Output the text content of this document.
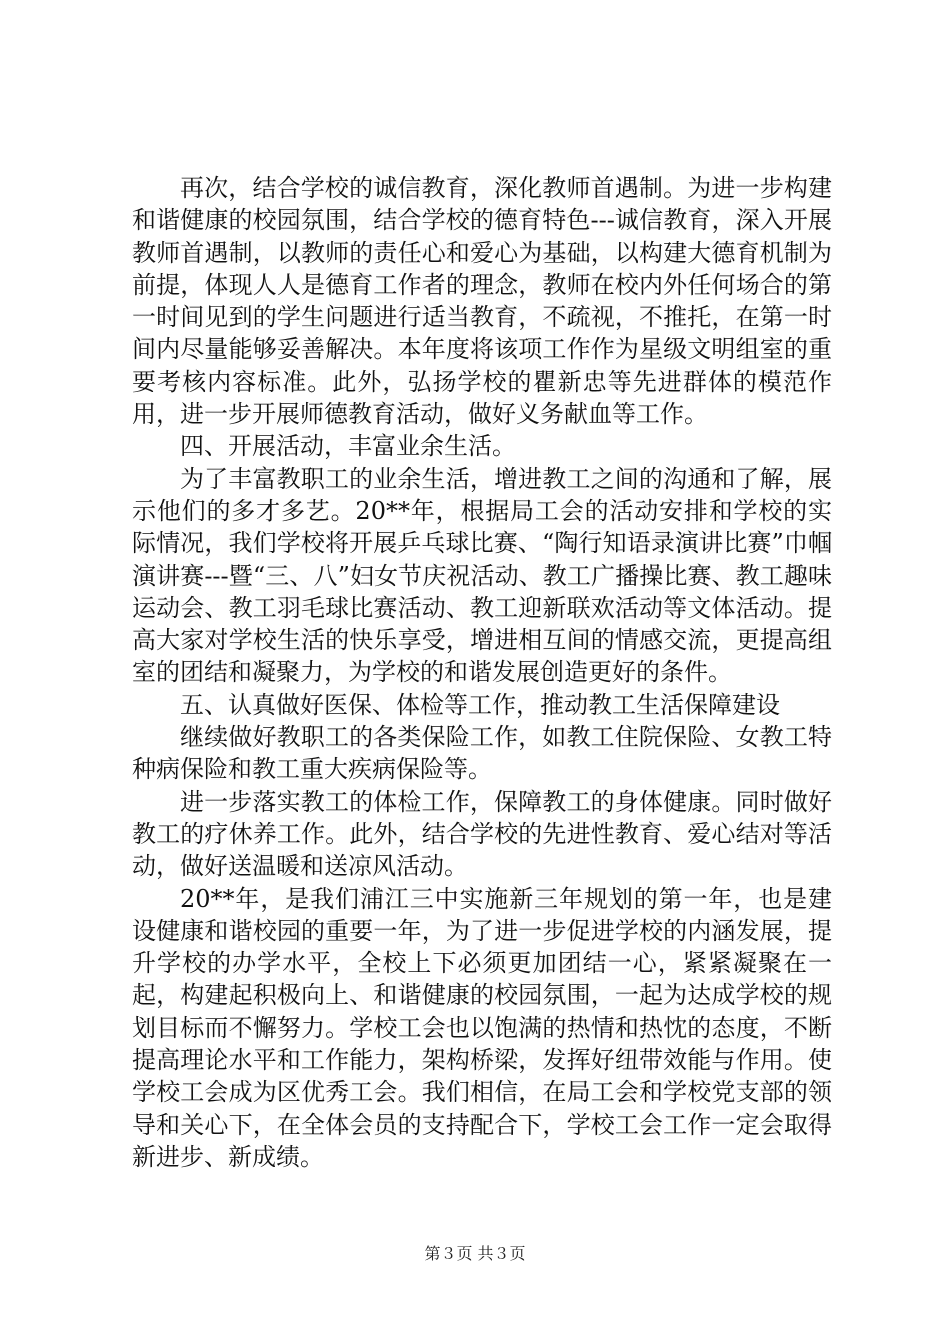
再次，结合学校的诚信教育，深化教师首遇制。为进一步构建和谐健康的校园氛围，结合学校的德育特色---诚信教育，深入开展教师首遇制，以教师的责任心和爱心为基础，以构建大德育机制为前提，体现人人是德育工作者的理念，教师在校内外任何场合的第一时间见到的学生问题进行适当教育，不疏视，不推托，在第一时间内尽量能够妥善解决。本年度将该项工作作为星级文明组室的重要考核内容标准。此外，弘扬学校的瞿新忠等先进群体的模范作用，进一步开展师德教育活动，做好义务献血等工作。

四、开展活动，丰富业余生活。

为了丰富教职工的业余生活，增进教工之间的沟通和了解，展示他们的多才多艺。20**年，根据局工会的活动安排和学校的实际情况，我们学校将开展乒乓球比赛、“陶行知语录演讲比赛”巾帼演讲赛---暨“三、八”妇女节庆祝活动、教工广播操比赛、教工趣味运动会、教工羽毛球比赛活动、教工迎新联欢活动等文体活动。提高大家对学校生活的快乐享受，增进相互间的情感交流，更提高组室的团结和凝聚力，为学校的和谐发展创造更好的条件。

五、认真做好医保、体检等工作，推动教工生活保障建设

继续做好教职工的各类保险工作，如教工住院保险、女教工特种病保险和教工重大疾病保险等。

进一步落实教工的体检工作，保障教工的身体健康。同时做好教工的疗休养工作。此外，结合学校的先进性教育、爱心结对等活动，做好送温暖和送凉风活动。

20**年，是我们浦江三中实施新三年规划的第一年，也是建设健康和谐校园的重要一年，为了进一步促进学校的内涵发展，提升学校的办学水平，全校上下必须更加团结一心，紧紧凝聚在一起，构建起积极向上、和谐健康的校园氛围，一起为达成学校的规划目标而不懈努力。学校工会也以饱满的热情和热忱的态度，不断提高理论水平和工作能力，架构桥梁，发挥好纽带效能与作用。使学校工会成为区优秀工会。我们相信，在局工会和学校党支部的领导和关心下，在全体会员的支持配合下，学校工会工作一定会取得新进步、新成绩。

第３页 共３页
